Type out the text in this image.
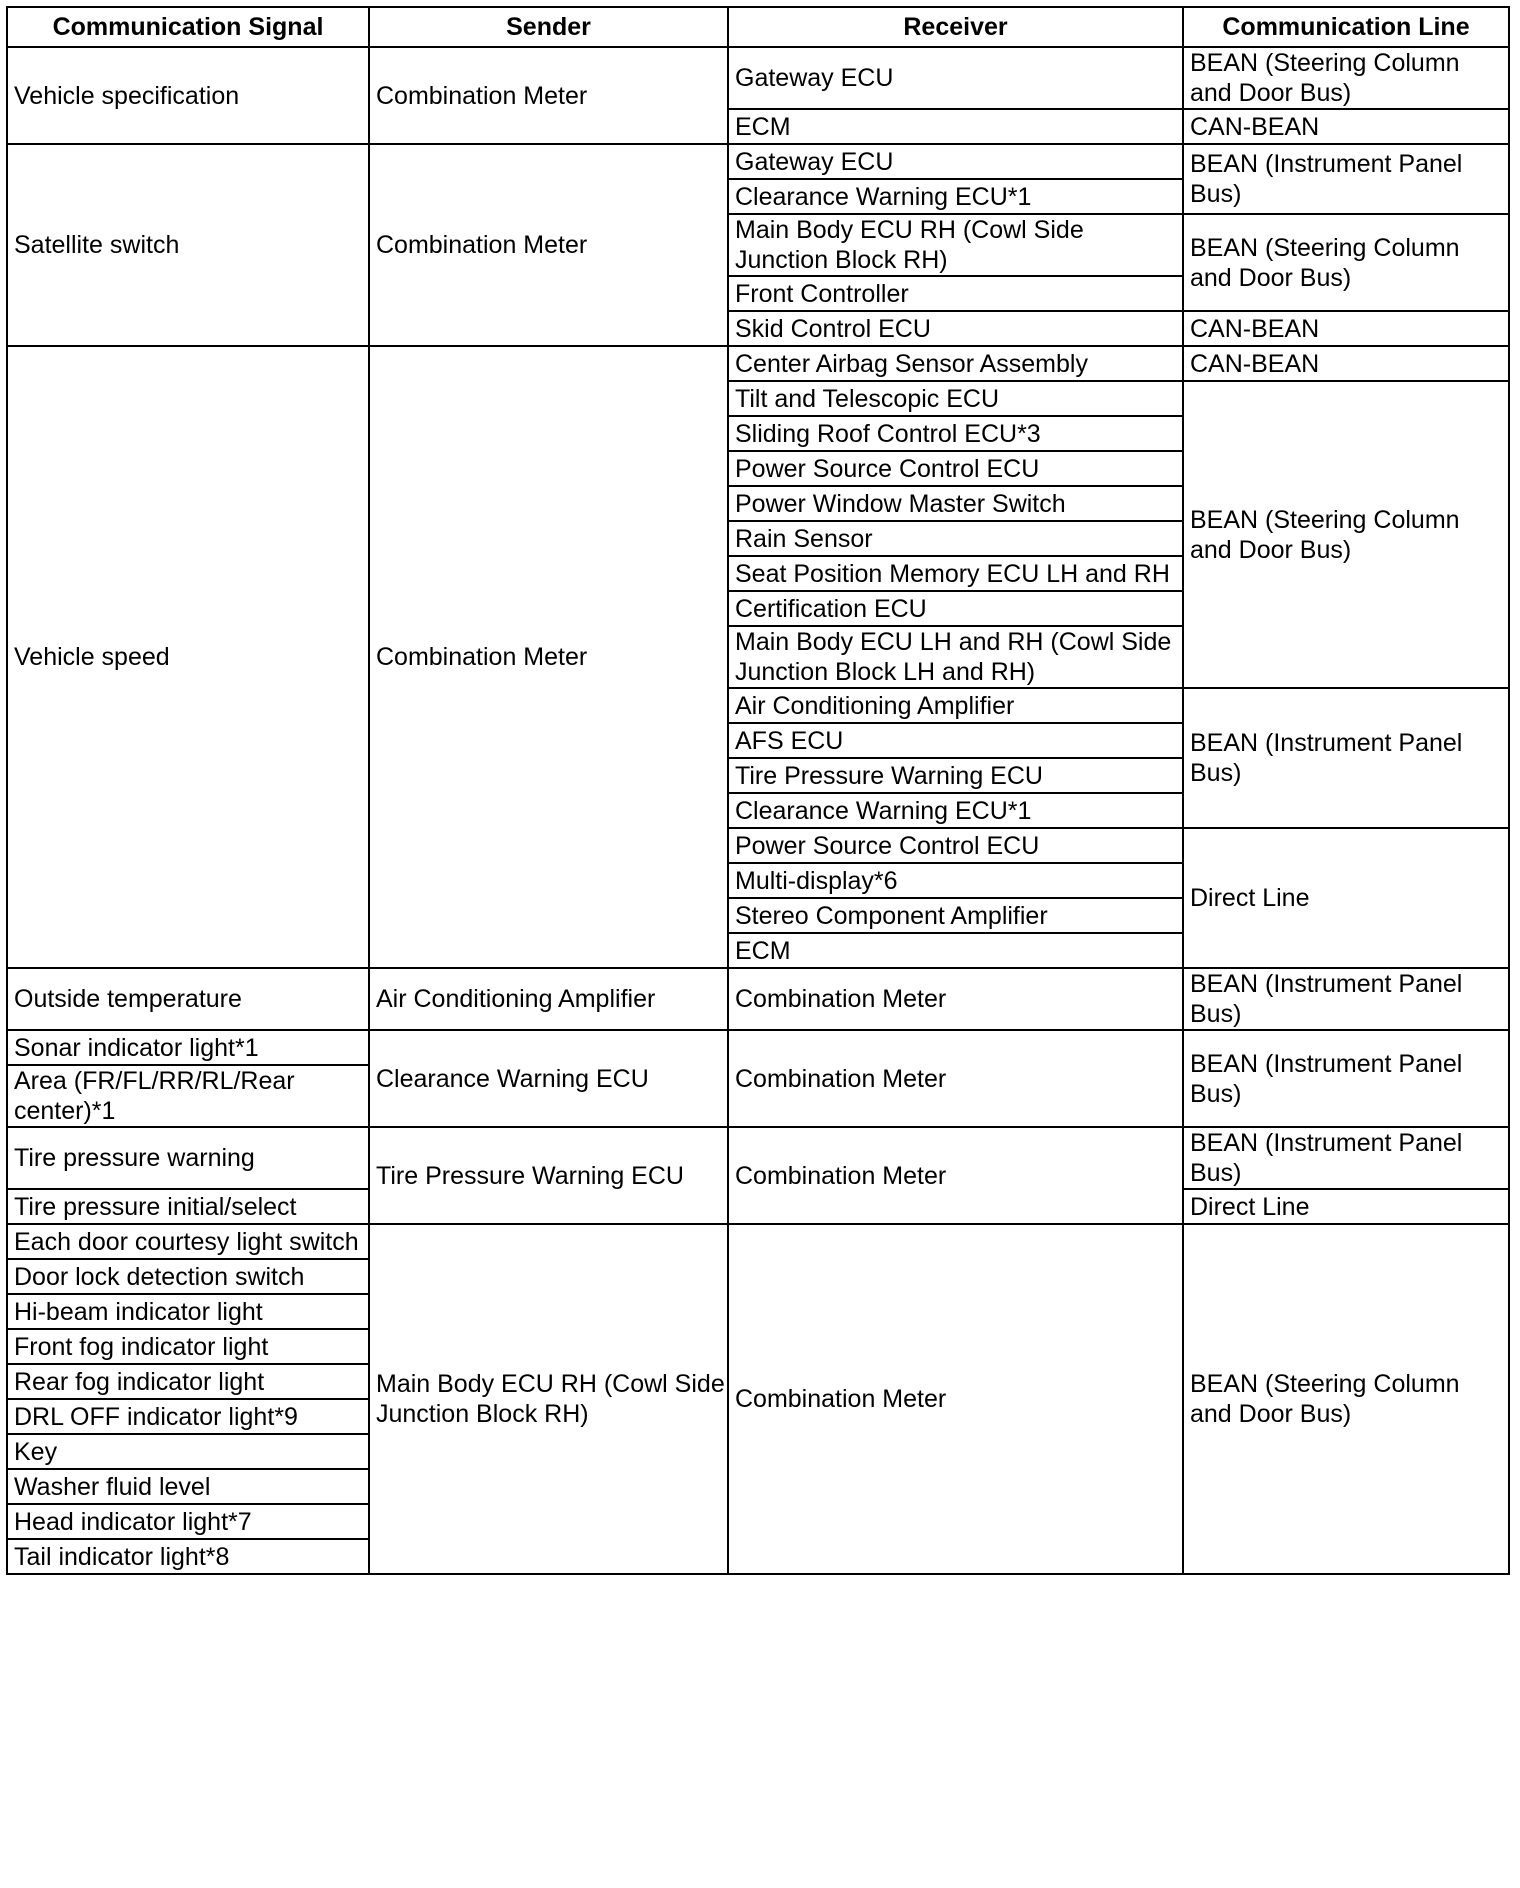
Communication Signal	Sender	Receiver	Communication Line
Vehicle specification	Combination Meter	Gateway ECU	BEAN (Steering Column and Door Bus)
		ECM	CAN-BEAN
Satellite switch	Combination Meter	Gateway ECU	BEAN (Instrument Panel Bus)
		Clearance Warning ECU*1	
		Main Body ECU RH (Cowl Side Junction Block RH)	BEAN (Steering Column and Door Bus)
		Front Controller	
		Skid Control ECU	CAN-BEAN
Vehicle speed	Combination Meter	Center Airbag Sensor Assembly	CAN-BEAN
		Tilt and Telescopic ECU	BEAN (Steering Column and Door Bus)
		Sliding Roof Control ECU*3	
		Power Source Control ECU	
		Power Window Master Switch	
		Rain Sensor	
		Seat Position Memory ECU LH and RH	
		Certification ECU	
		Main Body ECU LH and RH (Cowl Side Junction Block LH and RH)	
		Air Conditioning Amplifier	BEAN (Instrument Panel Bus)
		AFS ECU	
		Tire Pressure Warning ECU	
		Clearance Warning ECU*1	
		Power Source Control ECU	Direct Line
		Multi-display*6	
		Stereo Component Amplifier	
		ECM	
Outside temperature	Air Conditioning Amplifier	Combination Meter	BEAN (Instrument Panel Bus)
Sonar indicator light*1	Clearance Warning ECU	Combination Meter	BEAN (Instrument Panel Bus)
Area (FR/FL/RR/RL/Rear center)*1			
Tire pressure warning	Tire Pressure Warning ECU	Combination Meter	BEAN (Instrument Panel Bus)
Tire pressure initial/select			Direct Line
Each door courtesy light switch	Main Body ECU RH (Cowl Side Junction Block RH)	Combination Meter	BEAN (Steering Column and Door Bus)
Door lock detection switch			
Hi-beam indicator light			
Front fog indicator light			
Rear fog indicator light			
DRL OFF indicator light*9			
Key			
Washer fluid level			
Head indicator light*7			
Tail indicator light*8			
